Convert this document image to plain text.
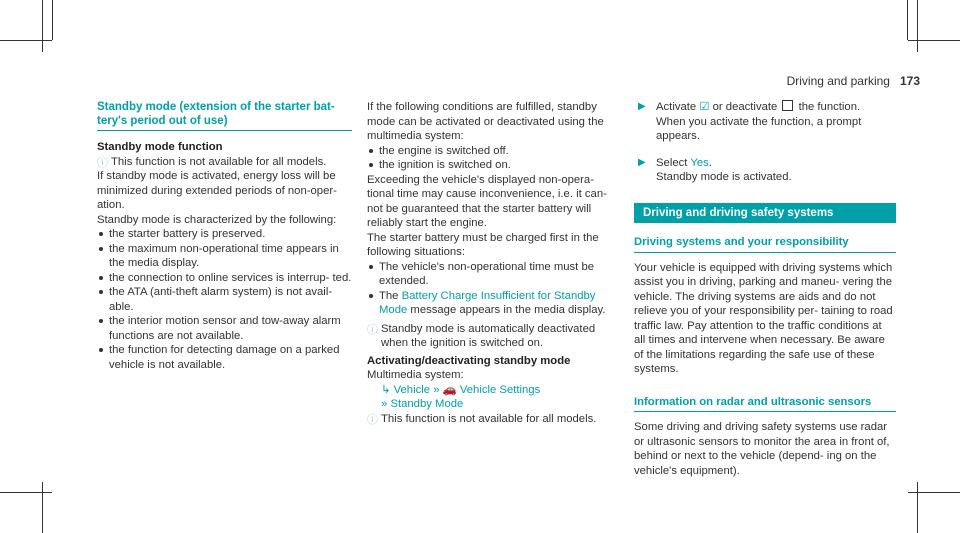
Driving and parking 173
Standby mode (extension of the starter bat-
tery's period out of use)

Standby mode function

ⓘ This function is not available for all models.

If standby mode is activated, energy loss will be minimized during extended periods of non-oper- ation.

Standby mode is characterized by the following:

the starter battery is preserved.
the maximum non-operational time appears in the media display.
the connection to online services is interrup- ted.
the ATA (anti-theft alarm system) is not avail- able.
the interior motion sensor and tow-away alarm functions are not available.
the function for detecting damage on a parked vehicle is not available.

If the following conditions are fulfilled, standby mode can be activated or deactivated using the multimedia system:

the engine is switched off.
the ignition is switched on.

Exceeding the vehicle's displayed non-opera- tional time may cause inconvenience, i.e. it can- not be guaranteed that the starter battery will reliably start the engine.

The starter battery must be charged first in the following situations:

The vehicle's non-operational time must be extended.
The Battery Charge Insufficient for Standby Mode message appears in the media display.
ⓘ Standby mode is automatically deactivated when the ignition is switched on.

Activating/deactivating standby mode

Multimedia system:

↳ Vehicle » 🚗 Vehicle Settings
» Standby Mode
ⓘ This function is not available for all models.
▶ Activate ☑ or deactivate the function.
When you activate the function, a prompt appears.
▶ Select Yes.
Standby mode is activated.
Driving and driving safety systems
Driving systems and your responsibility

Your vehicle is equipped with driving systems which assist you in driving, parking and maneu- vering the vehicle. The driving systems are aids and do not relieve you of your responsibility per- taining to road traffic law. Pay attention to the traffic conditions at all times and intervene when necessary. Be aware of the limitations regarding the safe use of these systems.

Information on radar and ultrasonic sensors

Some driving and driving safety systems use radar or ultrasonic sensors to monitor the area in front of, behind or next to the vehicle (depend- ing on the vehicle's equipment).
